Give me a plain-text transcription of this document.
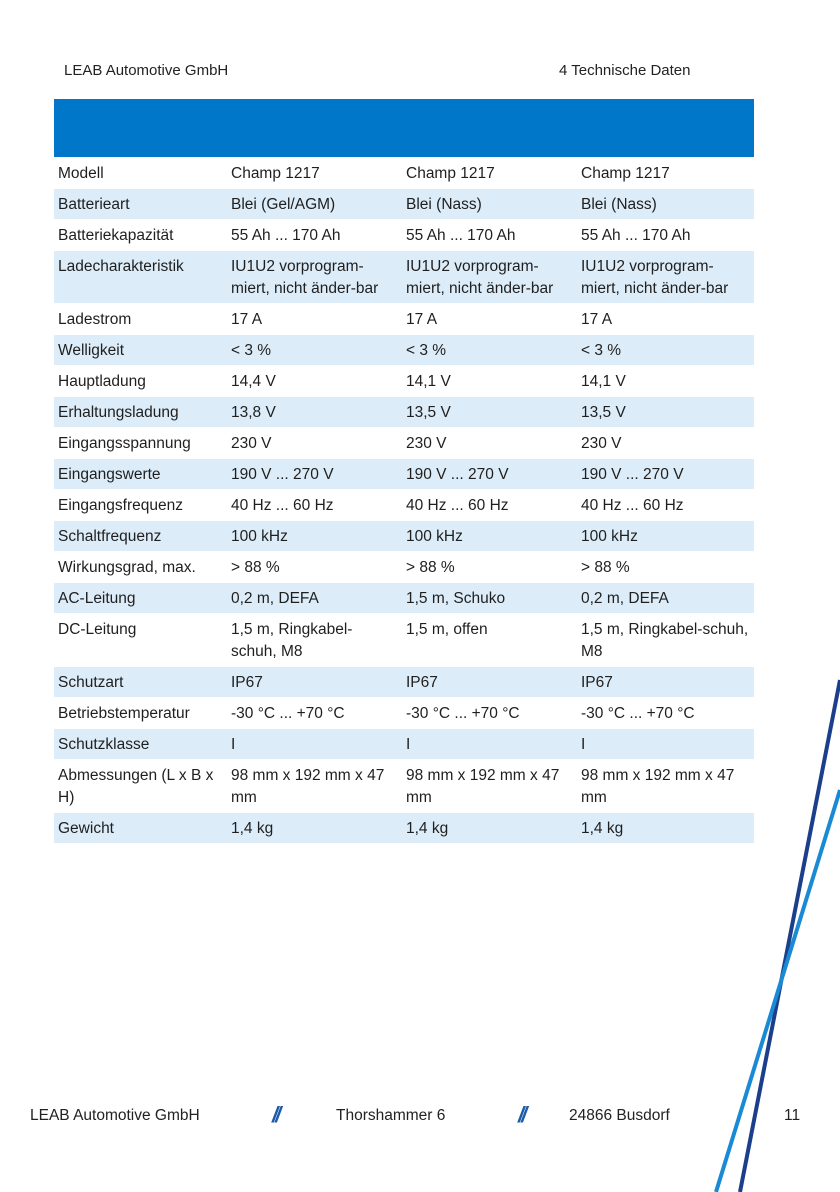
LEAB Automotive GmbH	4 Technische Daten
Modell	Champ 1217	Champ 1217	Champ 1217
Batterieart	Blei (Gel/AGM)	Blei (Nass)	Blei (Nass)
Batteriekapazität	55 Ah ... 170 Ah	55 Ah ... 170 Ah	55 Ah ... 170 Ah
Ladecharakteristik	IU1U2 vorprogram-miert, nicht änder-bar	IU1U2 vorprogram-miert, nicht änder-bar	IU1U2 vorprogram-miert, nicht änder-bar
Ladestrom	17 A	17 A	17 A
Welligkeit	< 3 %	< 3 %	< 3 %
Hauptladung	14,4 V	14,1 V	14,1 V
Erhaltungsladung	13,8 V	13,5 V	13,5 V
Eingangsspannung	230 V	230 V	230 V
Eingangswerte	190 V ... 270 V	190 V ... 270 V	190 V ... 270 V
Eingangsfrequenz	40 Hz ... 60 Hz	40 Hz ... 60 Hz	40 Hz ... 60 Hz
Schaltfrequenz	100 kHz	100 kHz	100 kHz
Wirkungsgrad, max.	> 88 %	> 88 %	> 88 %
AC-Leitung	0,2 m, DEFA	1,5 m, Schuko	0,2 m, DEFA
DC-Leitung	1,5 m, Ringkabel-schuh, M8	1,5 m, offen	1,5 m, Ringkabel-schuh, M8
Schutzart	IP67	IP67	IP67
Betriebstemperatur	-30 °C ... +70 °C	-30 °C ... +70 °C	-30 °C ... +70 °C
Schutzklasse	I	I	I
Abmessungen (L x B x H)	98 mm x 192 mm x 47 mm	98 mm x 192 mm x 47 mm	98 mm x 192 mm x 47 mm
Gewicht	1,4 kg	1,4 kg	1,4 kg
LEAB Automotive GmbH	//	Thorshammer 6	//	24866 Busdorf	11
